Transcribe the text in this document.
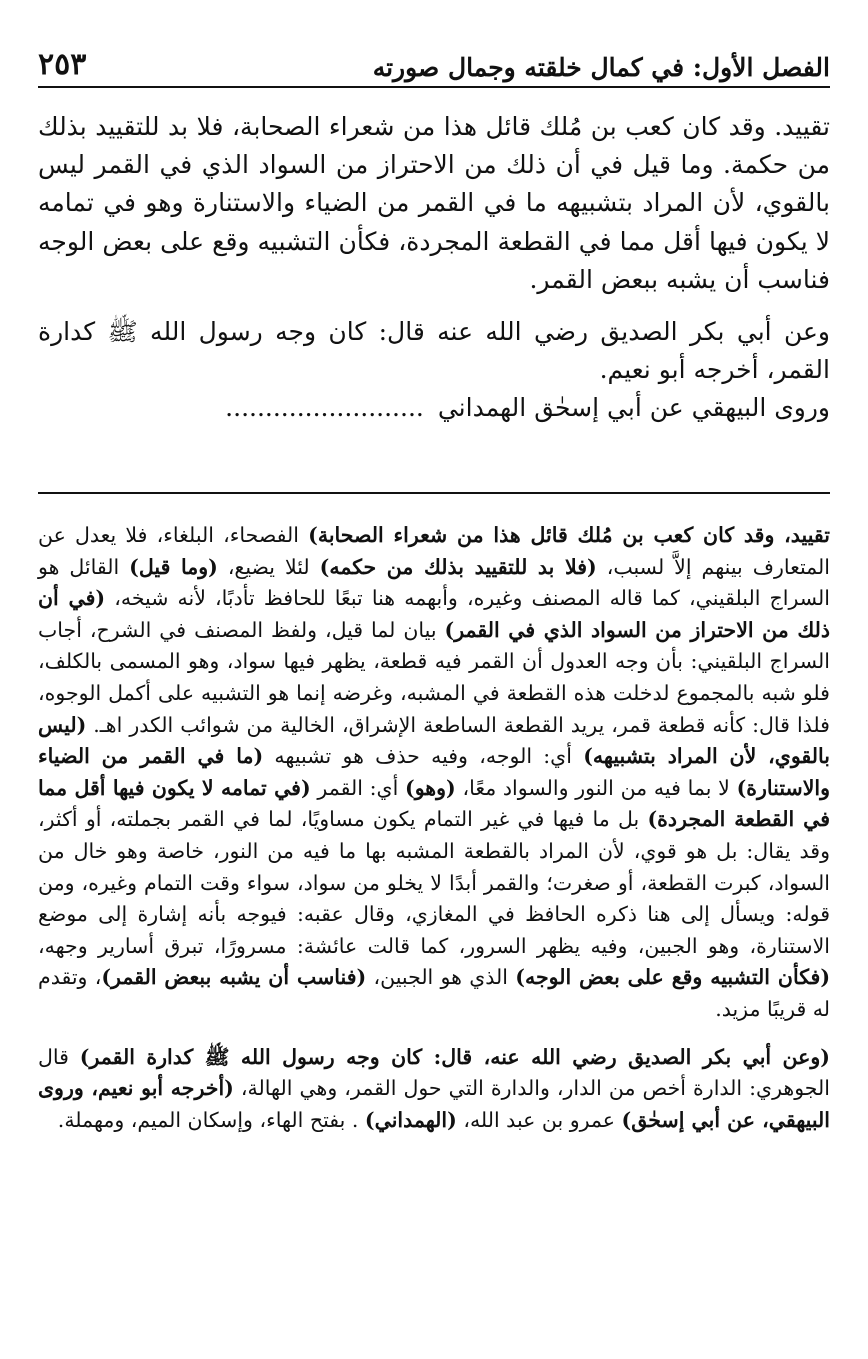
الفصل الأول: في كمال خلقته وجمال صورته
٢٥٣

تقييد. وقد كان كعب بن مُلك قائل هذا من شعراء الصحابة، فلا بد للتقييد بذلك من حكمة. وما قيل في أن ذلك من الاحتراز من السواد الذي في القمر ليس بالقوي، لأن المراد بتشبيهه ما في القمر من الضياء والاستنارة وهو في تمامه لا يكون فيها أقل مما في القطعة المجردة، فكأن التشبيه وقع على بعض الوجه فناسب أن يشبه ببعض القمر.

وعن أبي بكر الصديق رضي الله عنه قال: كان وجه رسول الله ﷺ كدارة القمر، أخرجه أبو نعيم.

وروى البيهقي عن أبي إسحٰق الهمداني.........................

تقييد، وقد كان كعب بن مُلك قائل هذا من شعراء الصحابة) الفصحاء، البلغاء، فلا يعدل عن المتعارف بينهم إلاَّ لسبب، (فلا بد للتقييد بذلك من حكمه) لئلا يضيع، (وما قيل) القائل هو السراج البلقيني، كما قاله المصنف وغيره، وأبهمه هنا تبعًا للحافظ تأدبًا، لأنه شيخه، (في أن ذلك من الاحتراز من السواد الذي في القمر) بيان لما قيل، ولفظ المصنف في الشرح، أجاب السراج البلقيني: بأن وجه العدول أن القمر فيه قطعة، يظهر فيها سواد، وهو المسمى بالكلف، فلو شبه بالمجموع لدخلت هذه القطعة في المشبه، وغرضه إنما هو التشبيه على أكمل الوجوه، فلذا قال: كأنه قطعة قمر، يريد القطعة الساطعة الإشراق، الخالية من شوائب الكدر اهـ. (ليس بالقوي، لأن المراد بتشبيهه) أي: الوجه، وفيه حذف هو تشبيهه (ما في القمر من الضياء والاستنارة) لا بما فيه من النور والسواد معًا، (وهو) أي: القمر (في تمامه لا يكون فيها أقل مما في القطعة المجردة) بل ما فيها في غير التمام يكون مساويًا، لما في القمر بجملته، أو أكثر، وقد يقال: بل هو قوي، لأن المراد بالقطعة المشبه بها ما فيه من النور، خاصة وهو خال من السواد، كبرت القطعة، أو صغرت؛ والقمر أبدًا لا يخلو من سواد، سواء وقت التمام وغيره، ومن قوله: ويسأل إلى هنا ذكره الحافظ في المغازي، وقال عقبه: فيوجه بأنه إشارة إلى موضع الاستنارة، وهو الجبين، وفيه يظهر السرور، كما قالت عائشة: مسرورًا، تبرق أسارير وجهه، (فكأن التشبيه وقع على بعض الوجه) الذي هو الجبين، (فناسب أن يشبه ببعض القمر)، وتقدم له قريبًا مزيد.

(وعن أبي بكر الصديق رضي الله عنه، قال: كان وجه رسول الله ﷺ كدارة القمر) قال الجوهري: الدارة أخص من الدار، والدارة التي حول القمر، وهي الهالة، (أخرجه أبو نعيم، وروى البيهقي، عن أبي إسحٰق) عمرو بن عبد الله، (الهمداني) . بفتح الهاء، وإسكان الميم، ومهملة.
